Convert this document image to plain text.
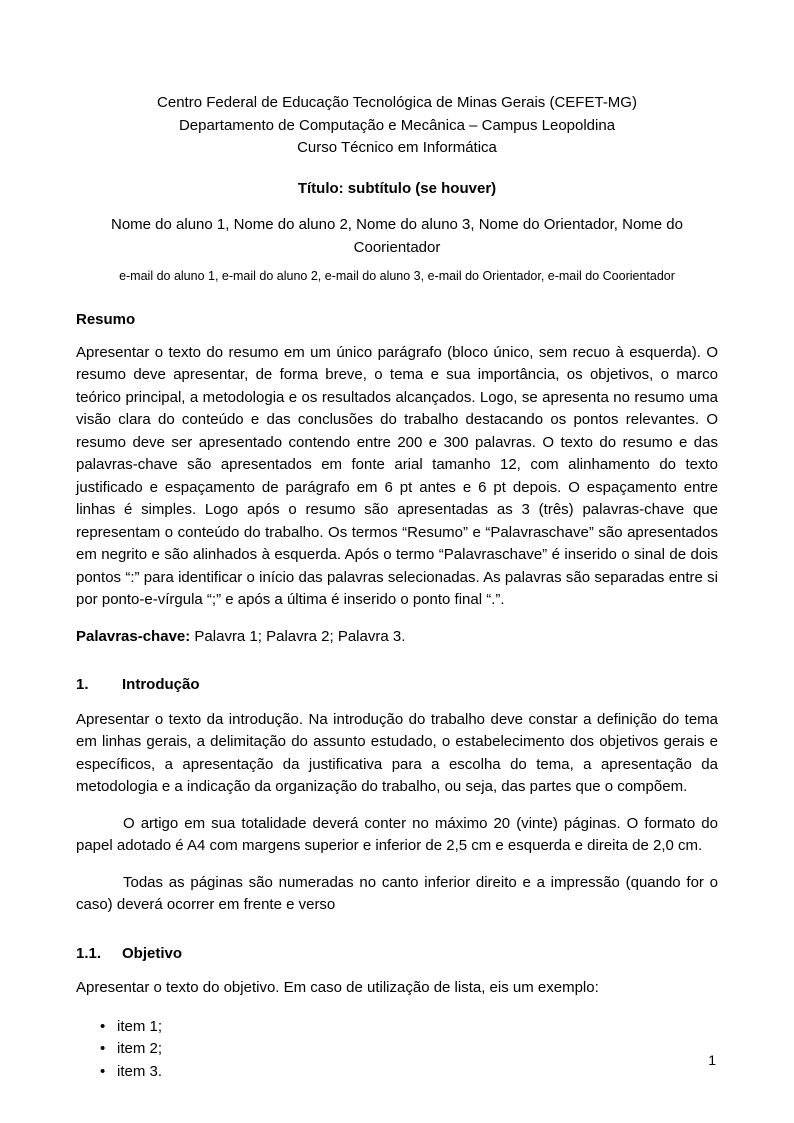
Centro Federal de Educação Tecnológica de Minas Gerais (CEFET-MG)
Departamento de Computação e Mecânica – Campus Leopoldina
Curso Técnico em Informática
Título: subtítulo (se houver)
Nome do aluno 1, Nome do aluno 2, Nome do aluno 3, Nome do Orientador, Nome do Coorientador
e-mail do aluno 1, e-mail do aluno 2, e-mail do aluno 3, e-mail do Orientador, e-mail do Coorientador
Resumo

Apresentar o texto do resumo em um único parágrafo (bloco único, sem recuo à esquerda). O resumo deve apresentar, de forma breve, o tema e sua importância, os objetivos, o marco teórico principal, a metodologia e os resultados alcançados. Logo, se apresenta no resumo uma visão clara do conteúdo e das conclusões do trabalho destacando os pontos relevantes. O resumo deve ser apresentado contendo entre 200 e 300 palavras. O texto do resumo e das palavras-chave são apresentados em fonte arial tamanho 12, com alinhamento do texto justificado e espaçamento de parágrafo em 6 pt antes e 6 pt depois. O espaçamento entre linhas é simples. Logo após o resumo são apresentadas as 3 (três) palavras-chave que representam o conteúdo do trabalho. Os termos “Resumo” e “Palavraschave” são apresentados em negrito e são alinhados à esquerda. Após o termo “Palavraschave” é inserido o sinal de dois pontos “:” para identificar o início das palavras selecionadas. As palavras são separadas entre si por ponto-e-vírgula “;” e após a última é inserido o ponto final “.”.

Palavras-chave: Palavra 1; Palavra 2; Palavra 3.

1. Introdução

Apresentar o texto da introdução. Na introdução do trabalho deve constar a definição do tema em linhas gerais, a delimitação do assunto estudado, o estabelecimento dos objetivos gerais e específicos, a apresentação da justificativa para a escolha do tema, a apresentação da metodologia e a indicação da organização do trabalho, ou seja, das partes que o compõem.

O artigo em sua totalidade deverá conter no máximo 20 (vinte) páginas. O formato do papel adotado é A4 com margens superior e inferior de 2,5 cm e esquerda e direita de 2,0 cm.

Todas as páginas são numeradas no canto inferior direito e a impressão (quando for o caso) deverá ocorrer em frente e verso

1.1. Objetivo

Apresentar o texto do objetivo. Em caso de utilização de lista, eis um exemplo:

• item 1;
• item 2;
• item 3.
1
